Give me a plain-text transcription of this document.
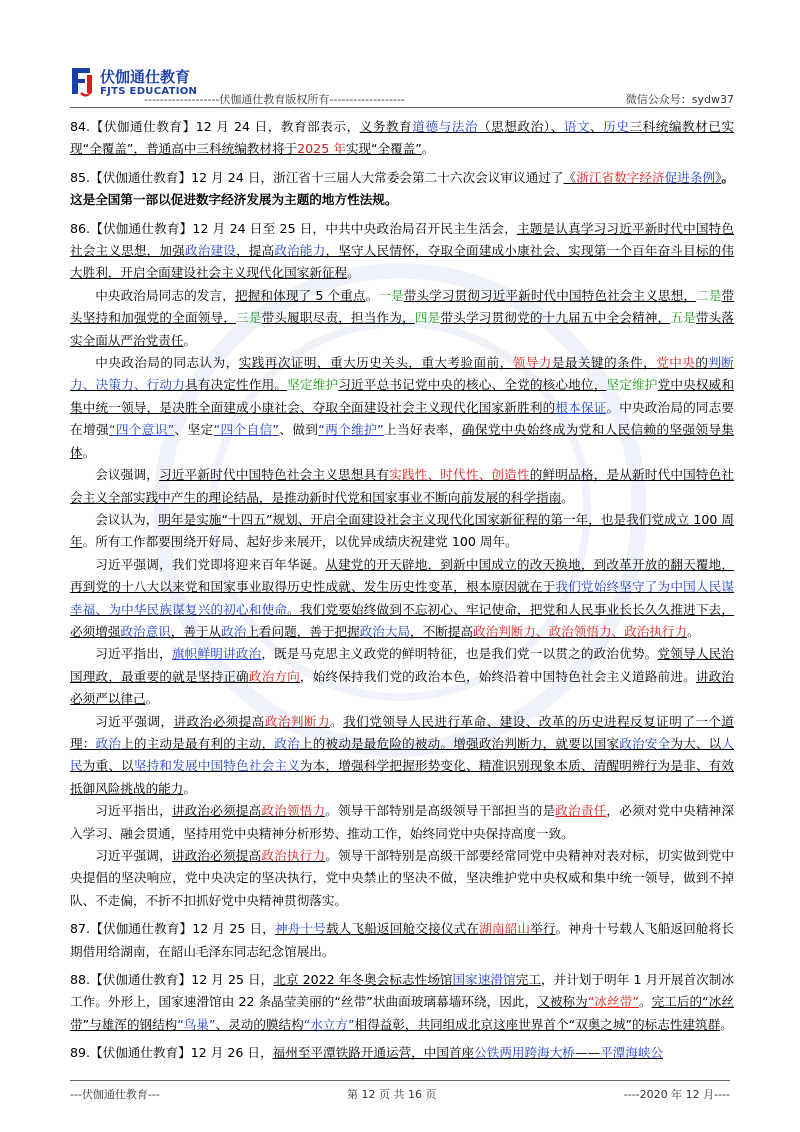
伏伽通仕教育
FJTS EDUCATION
-------------------伏伽通仕教育版权所有-------------------	微信公众号：sydw37

84.【伏伽通仕教育】12 月 24 日，教育部表示，义务教育道德与法治（思想政治）、语文、历史三科统编教材已实现“全覆盖”，普通高中三科统编教材将于2025 年实现“全覆盖”。

85.【伏伽通仕教育】12 月 24 日，浙江省十三届人大常委会第二十六次会议审议通过了《浙江省数字经济促进条例》。这是全国第一部以促进数字经济发展为主题的地方性法规。

86.【伏伽通仕教育】12 月 24 日至 25 日，中共中央政治局召开民主生活会，主题是认真学习习近平新时代中国特色社会主义思想，加强政治建设，提高政治能力，坚守人民情怀，夺取全面建成小康社会、实现第一个百年奋斗目标的伟大胜利，开启全面建设社会主义现代化国家新征程。

中央政治局同志的发言，把握和体现了 5 个重点。一是带头学习贯彻习近平新时代中国特色社会主义思想，二是带头坚持和加强党的全面领导，三是带头履职尽责，担当作为，四是带头学习贯彻党的十九届五中全会精神，五是带头落实全面从严治党责任。

中央政治局的同志认为，实践再次证明，重大历史关头，重大考验面前，领导力是最关键的条件，党中央的判断力、决策力、行动力具有决定性作用。坚定维护习近平总书记党中央的核心、全党的核心地位，坚定维护党中央权威和集中统一领导，是决胜全面建成小康社会、夺取全面建设社会主义现代化国家新胜利的根本保证。中央政治局的同志要在增强“四个意识”、坚定“四个自信”、做到“两个维护”上当好表率，确保党中央始终成为党和人民信赖的坚强领导集体。

会议强调，习近平新时代中国特色社会主义思想具有实践性、时代性、创造性的鲜明品格，是从新时代中国特色社会主义全部实践中产生的理论结晶，是推动新时代党和国家事业不断向前发展的科学指南。

会议认为，明年是实施“十四五”规划、开启全面建设社会主义现代化国家新征程的第一年，也是我们党成立 100 周年。所有工作都要围绕开好局、起好步来展开，以优异成绩庆祝建党 100 周年。

习近平强调，我们党即将迎来百年华诞。从建党的开天辟地，到新中国成立的改天换地，到改革开放的翻天覆地，再到党的十八大以来党和国家事业取得历史性成就、发生历史性变革，根本原因就在于我们党始终坚守了为中国人民谋幸福、为中华民族谋复兴的初心和使命。我们党要始终做到不忘初心、牢记使命，把党和人民事业长长久久推进下去，必须增强政治意识，善于从政治上看问题，善于把握政治大局，不断提高政治判断力、政治领悟力、政治执行力。

习近平指出，旗帜鲜明讲政治，既是马克思主义政党的鲜明特征，也是我们党一以贯之的政治优势。党领导人民治国理政，最重要的就是坚持正确政治方向，始终保持我们党的政治本色，始终沿着中国特色社会主义道路前进。讲政治必须严以律己。

习近平强调，讲政治必须提高政治判断力。我们党领导人民进行革命、建设、改革的历史进程反复证明了一个道理：政治上的主动是最有利的主动，政治上的被动是最危险的被动。增强政治判断力，就要以国家政治安全为大、以人民为重、以坚持和发展中国特色社会主义为本，增强科学把握形势变化、精准识别现象本质、清醒明辨行为是非、有效抵御风险挑战的能力。

习近平指出，讲政治必须提高政治领悟力。领导干部特别是高级领导干部担当的是政治责任，必须对党中央精神深入学习、融会贯通，坚持用党中央精神分析形势、推动工作，始终同党中央保持高度一致。

习近平强调，讲政治必须提高政治执行力。领导干部特别是高级干部要经常同党中央精神对表对标，切实做到党中央提倡的坚决响应，党中央决定的坚决执行，党中央禁止的坚决不做，坚决维护党中央权威和集中统一领导，做到不掉队、不走偏，不折不扣抓好党中央精神贯彻落实。

87.【伏伽通仕教育】12 月 25 日，神舟十号载人飞船返回舱交接仪式在湖南韶山举行。神舟十号载人飞船返回舱将长期借用给湖南，在韶山毛泽东同志纪念馆展出。

88.【伏伽通仕教育】12 月 25 日，北京 2022 年冬奥会标志性场馆国家速滑馆完工，并计划于明年 1 月开展首次制冰工作。外形上，国家速滑馆由 22 条晶莹美丽的“丝带”状曲面玻璃幕墙环绕，因此，又被称为“冰丝带”。完工后的“冰丝带”与雄浑的钢结构“鸟巢”、灵动的膜结构“水立方”相得益彰，共同组成北京这座世界首个“双奥之城”的标志性建筑群。

89.【伏伽通仕教育】12 月 26 日，福州至平潭铁路开通运营，中国首座公铁两用跨海大桥——平潭海峡公

---伏伽通仕教育---	第 12 页 共 16 页	----2020 年 12 月----
